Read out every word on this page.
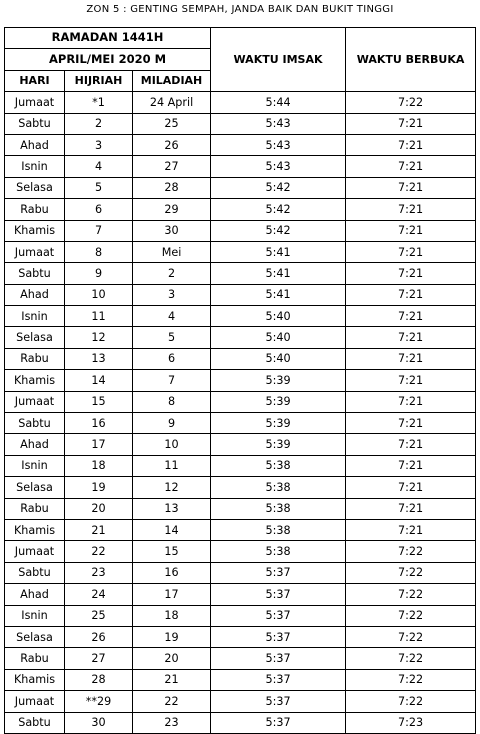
ZON 5 : GENTING SEMPAH, JANDA BAIK DAN BUKIT TINGGI
RAMADAN 1441H			WAKTU IMSAK	WAKTU BERBUKA
APRIL/MEI 2020 M				
HARI	HIJRIAH	MILADIAH		
Jumaat	*1	24 April	5:44	7:22
Sabtu	2	25	5:43	7:21
Ahad	3	26	5:43	7:21
Isnin	4	27	5:43	7:21
Selasa	5	28	5:42	7:21
Rabu	6	29	5:42	7:21
Khamis	7	30	5:42	7:21
Jumaat	8	Mei	5:41	7:21
Sabtu	9	2	5:41	7:21
Ahad	10	3	5:41	7:21
Isnin	11	4	5:40	7:21
Selasa	12	5	5:40	7:21
Rabu	13	6	5:40	7:21
Khamis	14	7	5:39	7:21
Jumaat	15	8	5:39	7:21
Sabtu	16	9	5:39	7:21
Ahad	17	10	5:39	7:21
Isnin	18	11	5:38	7:21
Selasa	19	12	5:38	7:21
Rabu	20	13	5:38	7:21
Khamis	21	14	5:38	7:21
Jumaat	22	15	5:38	7:22
Sabtu	23	16	5:37	7:22
Ahad	24	17	5:37	7:22
Isnin	25	18	5:37	7:22
Selasa	26	19	5:37	7:22
Rabu	27	20	5:37	7:22
Khamis	28	21	5:37	7:22
Jumaat	**29	22	5:37	7:22
Sabtu	30	23	5:37	7:23
